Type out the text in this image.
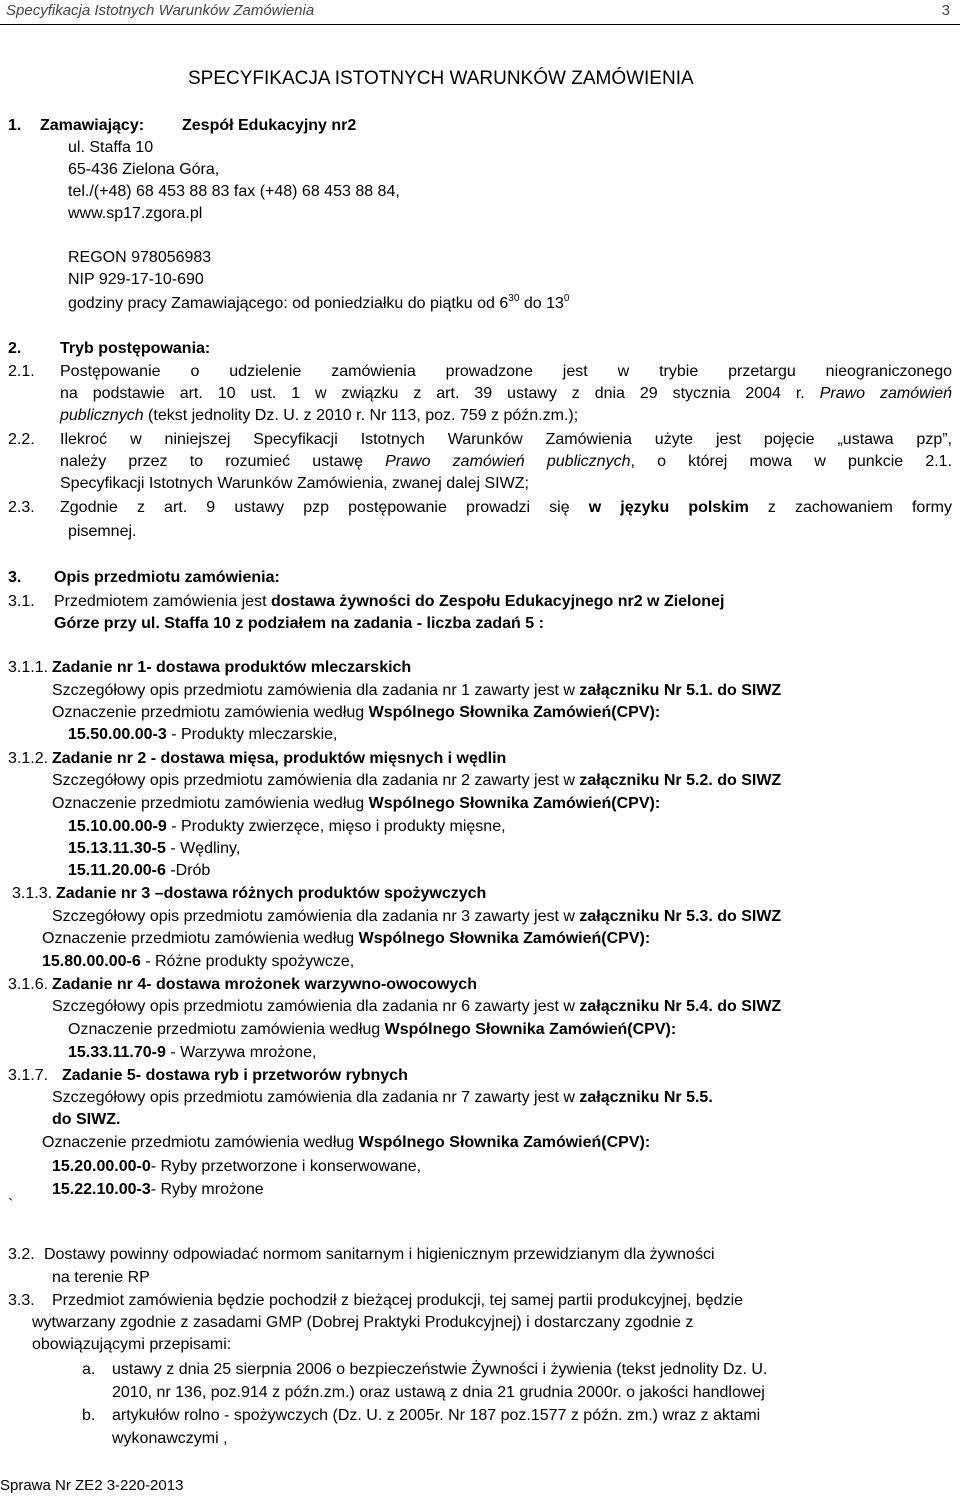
Specyfikacja Istotnych Warunków Zamówienia	3
SPECYFIKACJA ISTOTNYCH WARUNKÓW ZAMÓWIENIA
1. Zamawiający: Zespół Edukacyjny nr2
ul. Staffa 10
65-436 Zielona Góra,
tel./(+48) 68 453 88 83 fax (+48) 68 453 88 84,
www.sp17.zgora.pl
REGON 978056983
NIP 929-17-10-690
godziny pracy Zamawiającego: od poniedziałku do piątku od $6^{30}$ do $13^0$
2. Tryb postępowania:
2.1. Postępowanie o udzielenie zamówienia prowadzone jest w trybie przetargu nieograniczonego
na podstawie art. 10 ust. 1 w związku z art. 39 ustawy z dnia 29 stycznia 2004 r. Prawo zamówień
publicznych (tekst jednolity Dz. U. z 2010 r. Nr 113, poz. 759 z późn.zm.);
2.2. Ilekroć w niniejszej Specyfikacji Istotnych Warunków Zamówienia użyte jest pojęcie „ustawa pzp”,
należy przez to rozumieć ustawę Prawo zamówień publicznych, o której mowa w punkcie 2.1.
Specyfikacji Istotnych Warunków Zamówienia, zwanej dalej SIWZ;
2.3. Zgodnie z art. 9 ustawy pzp postępowanie prowadzi się w języku polskim z zachowaniem formy
pisemnej.
3. Opis przedmiotu zamówienia:
3.1. Przedmiotem zamówienia jest dostawa żywności do Zespołu Edukacyjnego nr2 w Zielonej
Górze przy ul. Staffa 10 z podziałem na zadania - liczba zadań 5 :
3.1.1. Zadanie nr 1- dostawa produktów mleczarskich
Szczegółowy opis przedmiotu zamówienia dla zadania nr 1 zawarty jest w załączniku Nr 5.1. do SIWZ
Oznaczenie przedmiotu zamówienia według Wspólnego Słownika Zamówień(CPV):
15.50.00.00-3 - Produkty mleczarskie,
3.1.2. Zadanie nr 2 - dostawa mięsa, produktów mięsnych i wędlin
Szczegółowy opis przedmiotu zamówienia dla zadania nr 2 zawarty jest w załączniku Nr 5.2. do SIWZ
Oznaczenie przedmiotu zamówienia według Wspólnego Słownika Zamówień(CPV):
15.10.00.00-9 - Produkty zwierzęce, mięso i produkty mięsne,
15.13.11.30-5 - Wędliny,
15.11.20.00-6 -Drób
3.1.3. Zadanie nr 3 –dostawa różnych produktów spożywczych
Szczegółowy opis przedmiotu zamówienia dla zadania nr 3 zawarty jest w załączniku Nr 5.3. do SIWZ
Oznaczenie przedmiotu zamówienia według Wspólnego Słownika Zamówień(CPV):
15.80.00.00-6 - Różne produkty spożywcze,
3.1.6. Zadanie nr 4- dostawa mrożonek warzywno-owocowych
Szczegółowy opis przedmiotu zamówienia dla zadania nr 6 zawarty jest w załączniku Nr 5.4. do SIWZ
Oznaczenie przedmiotu zamówienia według Wspólnego Słownika Zamówień(CPV):
15.33.11.70-9 - Warzywa mrożone,
3.1.7. Zadanie 5- dostawa ryb i przetworów rybnych
Szczegółowy opis przedmiotu zamówienia dla zadania nr 7 zawarty jest w załączniku Nr 5.5.
do SIWZ.
Oznaczenie przedmiotu zamówienia według Wspólnego Słownika Zamówień(CPV):
15.20.00.00-0- Ryby przetworzone i konserwowane,
15.22.10.00-3- Ryby mrożone
`
3.2. Dostawy powinny odpowiadać normom sanitarnym i higienicznym przewidzianym dla żywności
na terenie RP
3.3. Przedmiot zamówienia będzie pochodził z bieżącej produkcji, tej samej partii produkcyjnej, będzie
wytwarzany zgodnie z zasadami GMP (Dobrej Praktyki Produkcyjnej) i dostarczany zgodnie z
obowiązującymi przepisami:
a. ustawy z dnia 25 sierpnia 2006 o bezpieczeństwie Żywności i żywienia (tekst jednolity Dz. U.
2010, nr 136, poz.914 z późn.zm.) oraz ustawą z dnia 21 grudnia 2000r. o jakości handlowej
b. artykułów rolno - spożywczych (Dz. U. z 2005r. Nr 187 poz.1577 z późn. zm.) wraz z aktami
wykonawczymi ,
Sprawa Nr ZE2 3-220-2013
